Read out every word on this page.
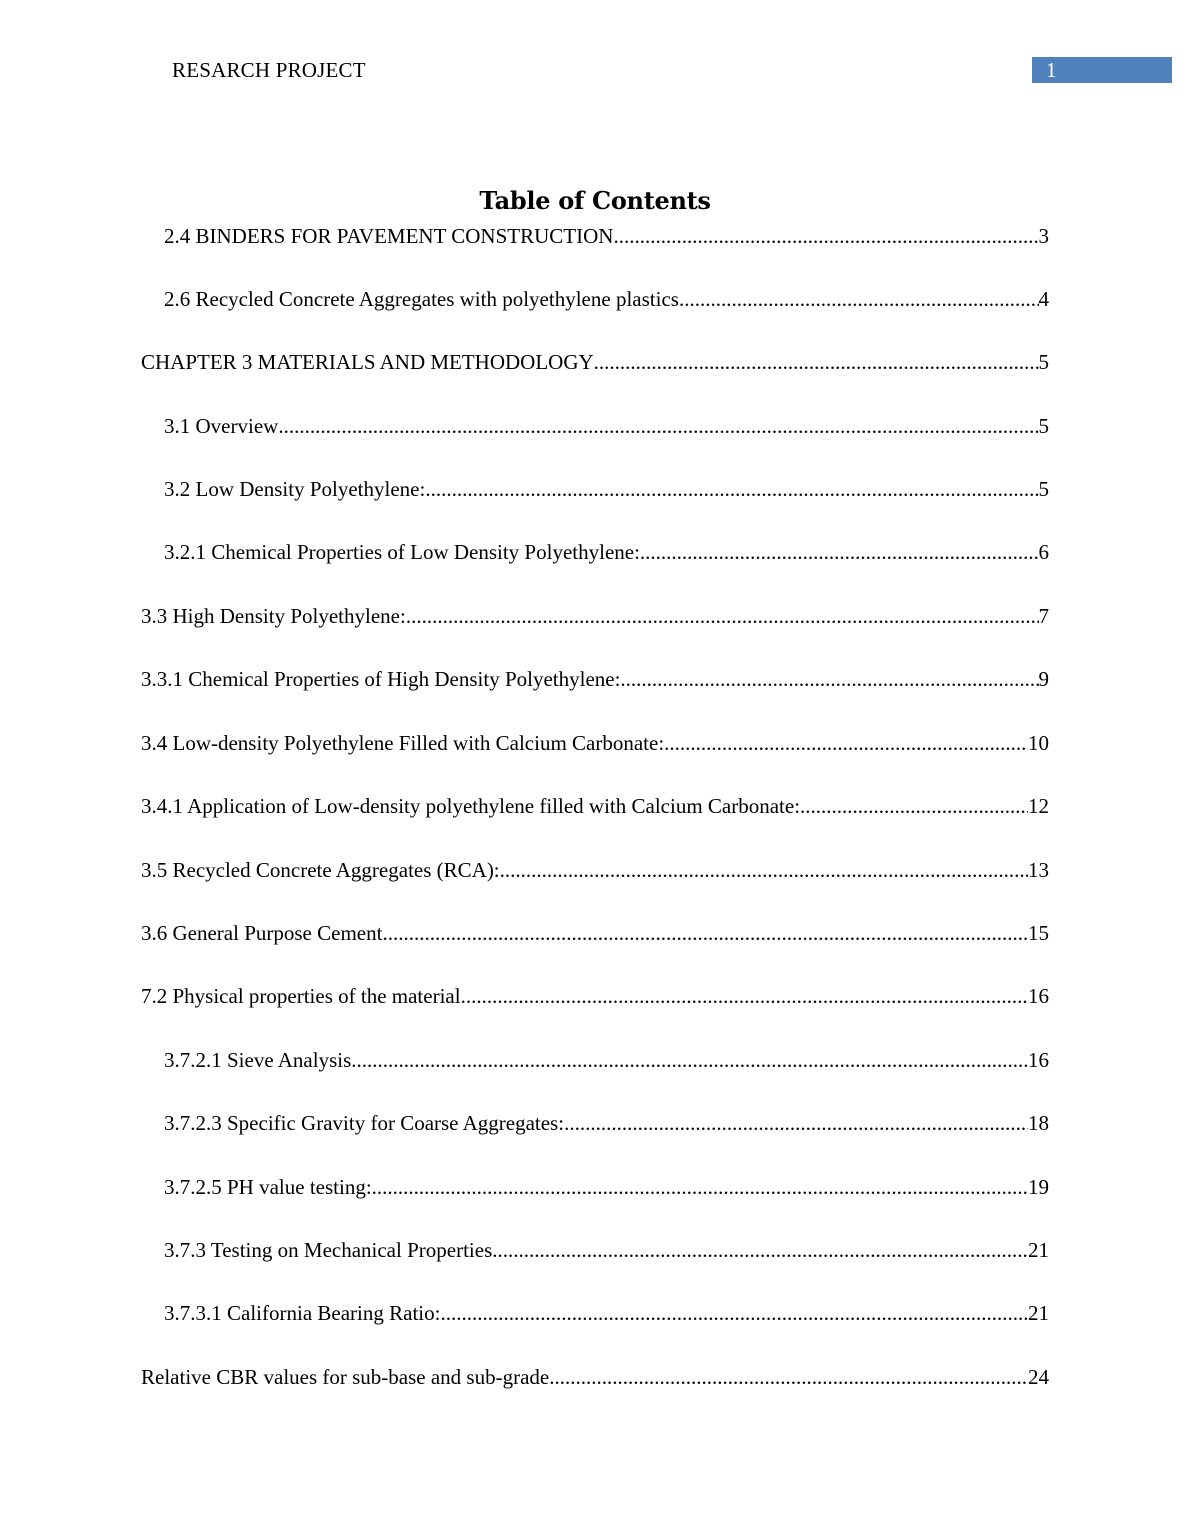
RESARCH PROJECT	1
Table of Contents
2.4 BINDERS FOR PAVEMENT CONSTRUCTION .....	3
2.6 Recycled Concrete Aggregates with polyethylene plastics .....	4
CHAPTER 3 MATERIALS AND METHODOLOGY .....	5
3.1 Overview .....	5
3.2 Low Density Polyethylene: .....	5
3.2.1 Chemical Properties of Low Density Polyethylene: .....	6
3.3 High Density Polyethylene: .....	7
3.3.1 Chemical Properties of High Density Polyethylene: .....	9
3.4 Low-density Polyethylene Filled with Calcium Carbonate: .....	10
3.4.1 Application of Low-density polyethylene filled with Calcium Carbonate: .....	12
3.5 Recycled Concrete Aggregates (RCA): .....	13
3.6 General Purpose Cement .....	15
7.2 Physical properties of the material .....	16
3.7.2.1 Sieve Analysis .....	16
3.7.2.3 Specific Gravity for Coarse Aggregates: .....	18
3.7.2.5 PH value testing: .....	19
3.7.3 Testing on Mechanical Properties .....	21
3.7.3.1 California Bearing Ratio: .....	21
Relative CBR values for sub-base and sub-grade .....	24
